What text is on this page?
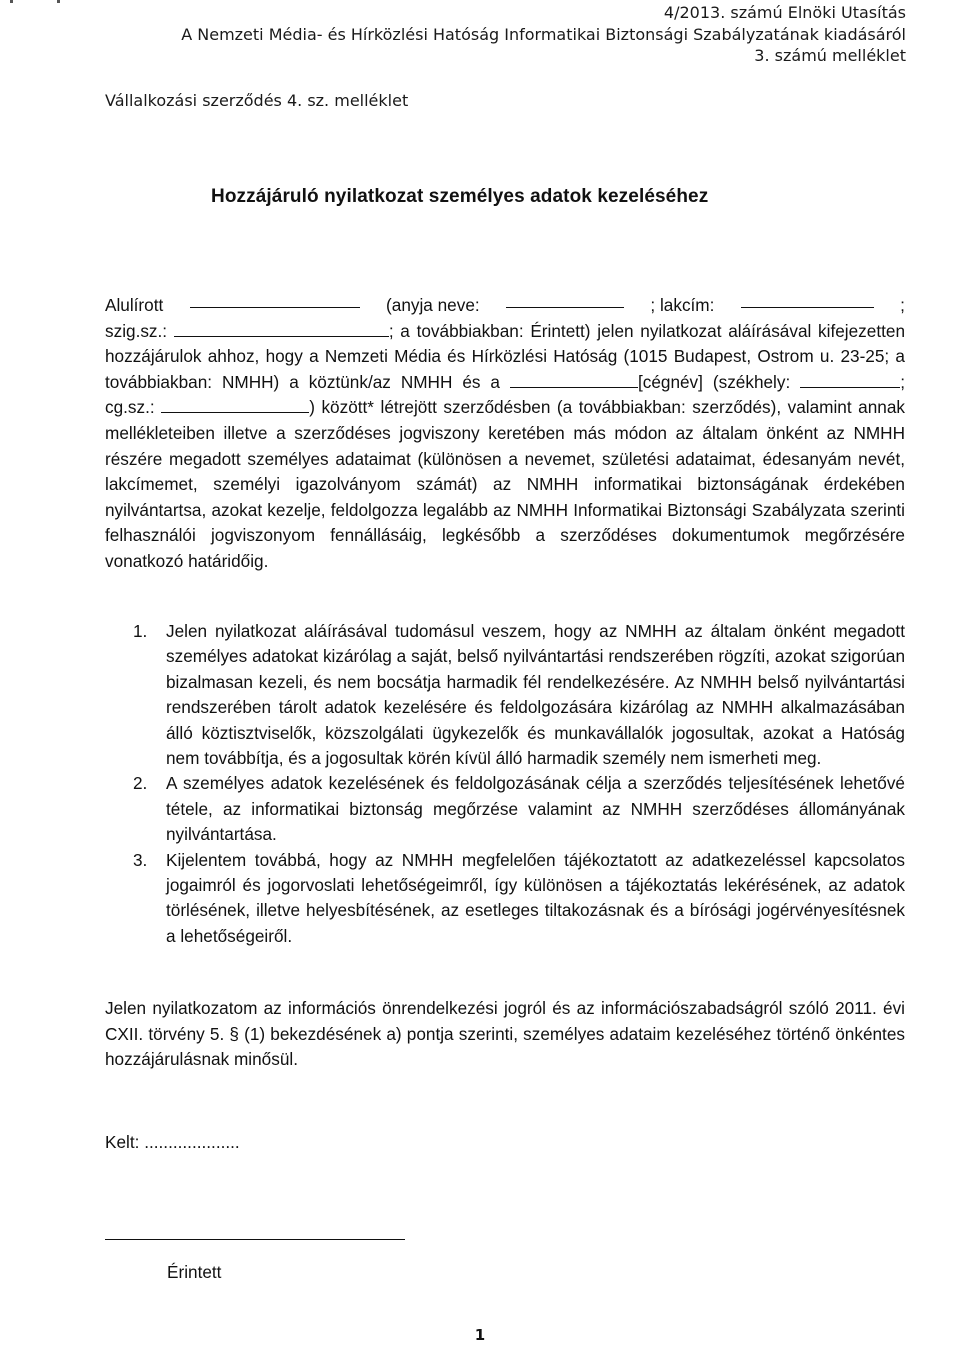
4/2013. számú Elnöki Utasítás
A Nemzeti Média- és Hírközlési Hatóság Informatikai Biztonsági Szabályzatának kiadásáról
3. számú melléklet
Vállalkozási szerződés 4. sz. melléklet
Hozzájáruló nyilatkozat személyes adatok kezeléséhez
Alulírott	(anyja neve:	; lakcím:	;
szig.sz.:	; a továbbiakban: Érintett) jelen nyilatkozat aláírásával kifejezetten hozzájárulok ahhoz, hogy a Nemzeti Média és Hírközlési Hatóság (1015 Budapest, Ostrom u. 23-25; a továbbiakban: NMHH) a köztünk/az NMHH és a	[cégnév] (székhely:	; cg.sz.:	) között* létrejött szerződésben (a továbbiakban: szerződés), valamint annak mellékleteiben illetve a szerződéses jogviszony keretében más módon az általam önként az NMHH részére megadott személyes adataimat (különösen a nevemet, születési adataimat, édesanyám nevét, lakcímemet, személyi igazolványom számát) az NMHH informatikai biztonságának érdekében nyilvántartsa, azokat kezelje, feldolgozza legalább az NMHH Informatikai Biztonsági Szabályzata szerinti felhasználói jogviszonyom fennállásáig, legkésőbb a szerződéses dokumentumok megőrzésére vonatkozó határidőig.
1. Jelen nyilatkozat aláírásával tudomásul veszem, hogy az NMHH az általam önként megadott személyes adatokat kizárólag a saját, belső nyilvántartási rendszerében rögzíti, azokat szigorúan bizalmasan kezeli, és nem bocsátja harmadik fél rendelkezésére. Az NMHH belső nyilvántartási rendszerében tárolt adatok kezelésére és feldolgozására kizárólag az NMHH alkalmazásában álló köztisztviselők, közszolgálati ügykezelők és munkavállalók jogosultak, azokat a Hatóság nem továbbítja, és a jogosultak körén kívül álló harmadik személy nem ismerheti meg.
2. A személyes adatok kezelésének és feldolgozásának célja a szerződés teljesítésének lehetővé tétele, az informatikai biztonság megőrzése valamint az NMHH szerződéses állományának nyilvántartása.
3. Kijelentem továbbá, hogy az NMHH megfelelően tájékoztatott az adatkezeléssel kapcsolatos jogaimról és jogorvoslati lehetőségeimről, így különösen a tájékoztatás lekérésének, az adatok törlésének, illetve helyesbítésének, az esetleges tiltakozásnak és a bírósági jogérvényesítésnek a lehetőségeiről.
Jelen nyilatkozatom az információs önrendelkezési jogról és az információszabadságról szóló 2011. évi CXII. törvény 5. § (1) bekezdésének a) pontja szerinti, személyes adataim kezeléséhez történő önkéntes hozzájárulásnak minősül.
Kelt: ....................
Érintett
1
